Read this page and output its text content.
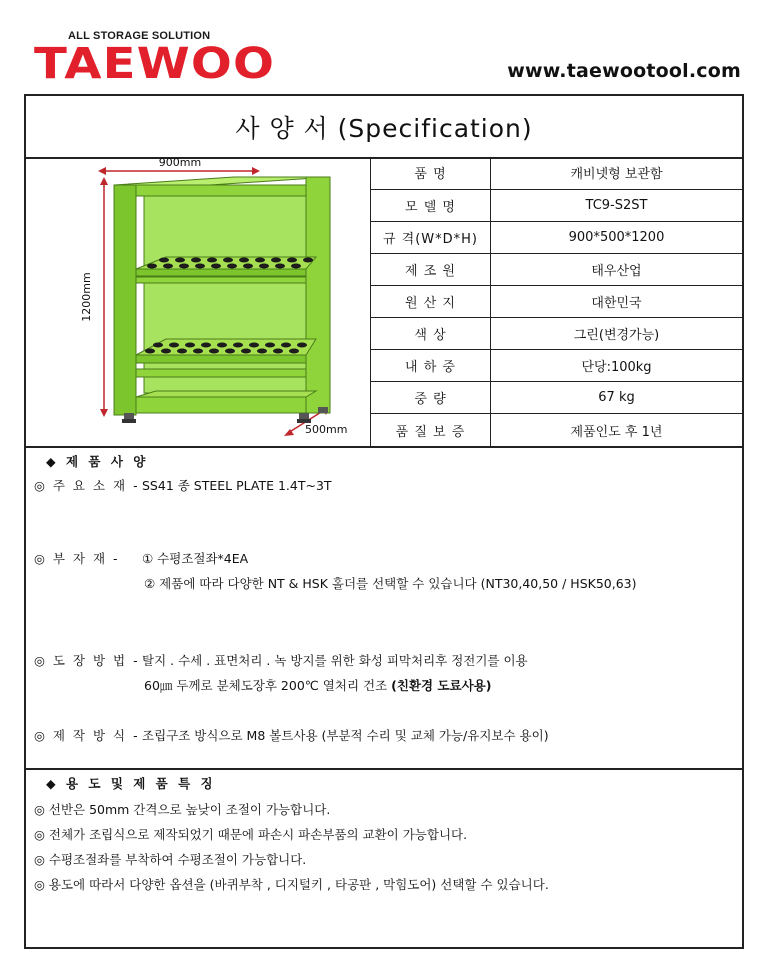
ALL STORAGE SOLUTION
TAEWOO	www.taewootool.com
사 양 서 (Specification)
900mm
1200mm
500mm
품 명	캐비넷형 보관함
모 델 명	TC9-S2ST
규 격(W*D*H)	900*500*1200
제 조 원	태우산업
원 산 지	대한민국
색 상	그린(변경가능)
내 하 중	단당:100kg
중 량	67 kg
품 질 보 증	제품인도 후 1년
◆ 제 품 사 양
◎ 주 요 소 재 - SS41 종 STEEL PLATE 1.4T~3T
◎ 부 자 재 - ① 수평조절좌*4EA
② 제품에 따라 다양한 NT & HSK 홀더를 선택할 수 있습니다 (NT30,40,50 / HSK50,63)
◎ 도 장 방 법 - 탈지 . 수세 . 표면처리 . 녹 방지를 위한 화성 피막처리후 정전기를 이용
60㎛ 두께로 분체도장후 200℃ 열처리 건조 (친환경 도료사용)
◎ 제 작 방 식 - 조립구조 방식으로 M8 볼트사용 (부분적 수리 및 교체 가능/유지보수 용이)
◆ 용 도 및 제 품 특 징
◎ 선반은 50mm 간격으로 높낮이 조절이 가능합니다.
◎ 전체가 조립식으로 제작되었기 때문에 파손시 파손부품의 교환이 가능합니다.
◎ 수평조절좌를 부착하여 수평조절이 가능합니다.
◎ 용도에 따라서 다양한 옵션을 (바퀴부착 , 디지털키 , 타공판 , 막힘도어) 선택할 수 있습니다.
